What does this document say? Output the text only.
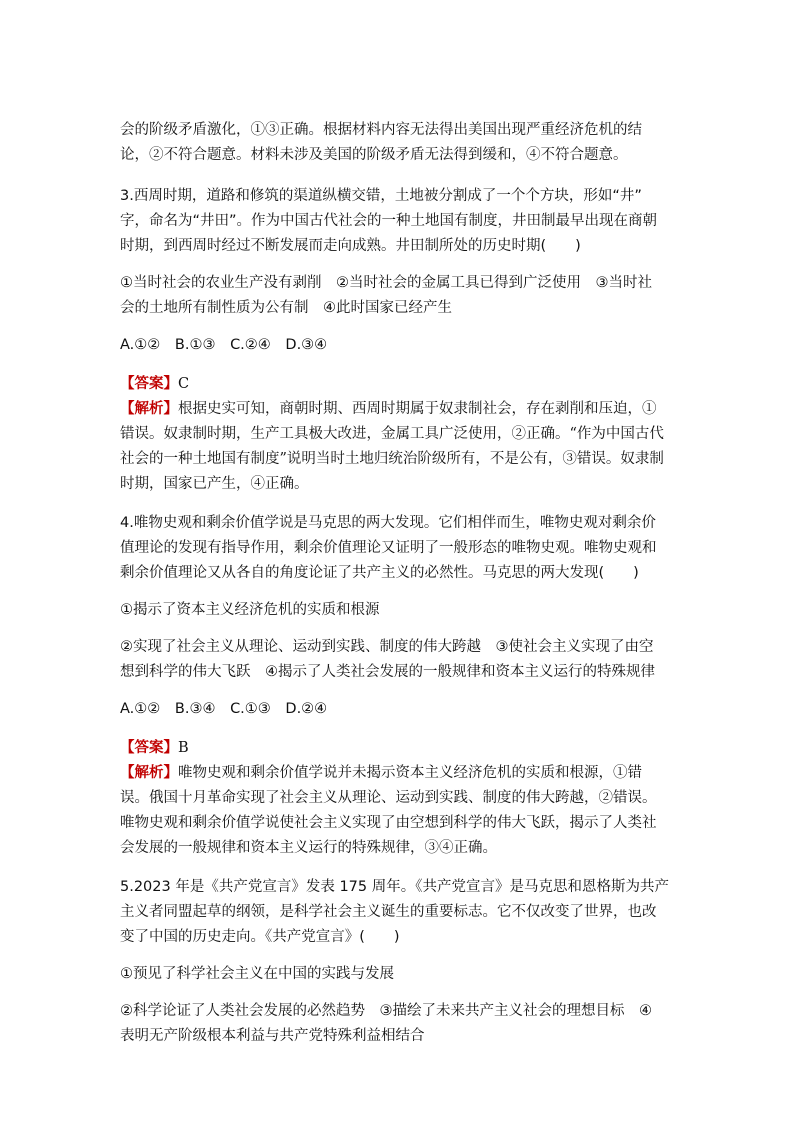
会的阶级矛盾激化，①③正确。根据材料内容无法得出美国出现严重经济危机的结

论，②不符合题意。材料未涉及美国的阶级矛盾无法得到缓和，④不符合题意。

3.西周时期，道路和修筑的渠道纵横交错，土地被分割成了一个个方块，形如“井”

字，命名为“井田”。作为中国古代社会的一种土地国有制度，井田制最早出现在商朝

时期，到西周时经过不断发展而走向成熟。井田制所处的历史时期(　　)

①当时社会的农业生产没有剥削　②当时社会的金属工具已得到广泛使用　③当时社

会的土地所有制性质为公有制　④此时国家已经产生

A.①② B.①③ C.②④ D.③④
【答案】C

【解析】根据史实可知，商朝时期、西周时期属于奴隶制社会，存在剥削和压迫，①

错误。奴隶制时期，生产工具极大改进，金属工具广泛使用，②正确。“作为中国古代

社会的一种土地国有制度”说明当时土地归统治阶级所有，不是公有，③错误。奴隶制

时期，国家已产生，④正确。

4.唯物史观和剩余价值学说是马克思的两大发现。它们相伴而生，唯物史观对剩余价

值理论的发现有指导作用，剩余价值理论又证明了一般形态的唯物史观。唯物史观和

剩余价值理论又从各自的角度论证了共产主义的必然性。马克思的两大发现(　　)

①揭示了资本主义经济危机的实质和根源

②实现了社会主义从理论、运动到实践、制度的伟大跨越　③使社会主义实现了由空

想到科学的伟大飞跃　④揭示了人类社会发展的一般规律和资本主义运行的特殊规律

A.①② B.③④ C.①③ D.②④
【答案】B

【解析】唯物史观和剩余价值学说并未揭示资本主义经济危机的实质和根源，①错

误。俄国十月革命实现了社会主义从理论、运动到实践、制度的伟大跨越，②错误。

唯物史观和剩余价值学说使社会主义实现了由空想到科学的伟大飞跃，揭示了人类社

会发展的一般规律和资本主义运行的特殊规律，③④正确。

5.2023 年是《共产党宣言》发表 175 周年。《共产党宣言》是马克思和恩格斯为共产

主义者同盟起草的纲领，是科学社会主义诞生的重要标志。它不仅改变了世界，也改

变了中国的历史走向。《共产党宣言》(　　)

①预见了科学社会主义在中国的实践与发展

②科学论证了人类社会发展的必然趋势　③描绘了未来共产主义社会的理想目标　④

表明无产阶级根本利益与共产党特殊利益相结合
